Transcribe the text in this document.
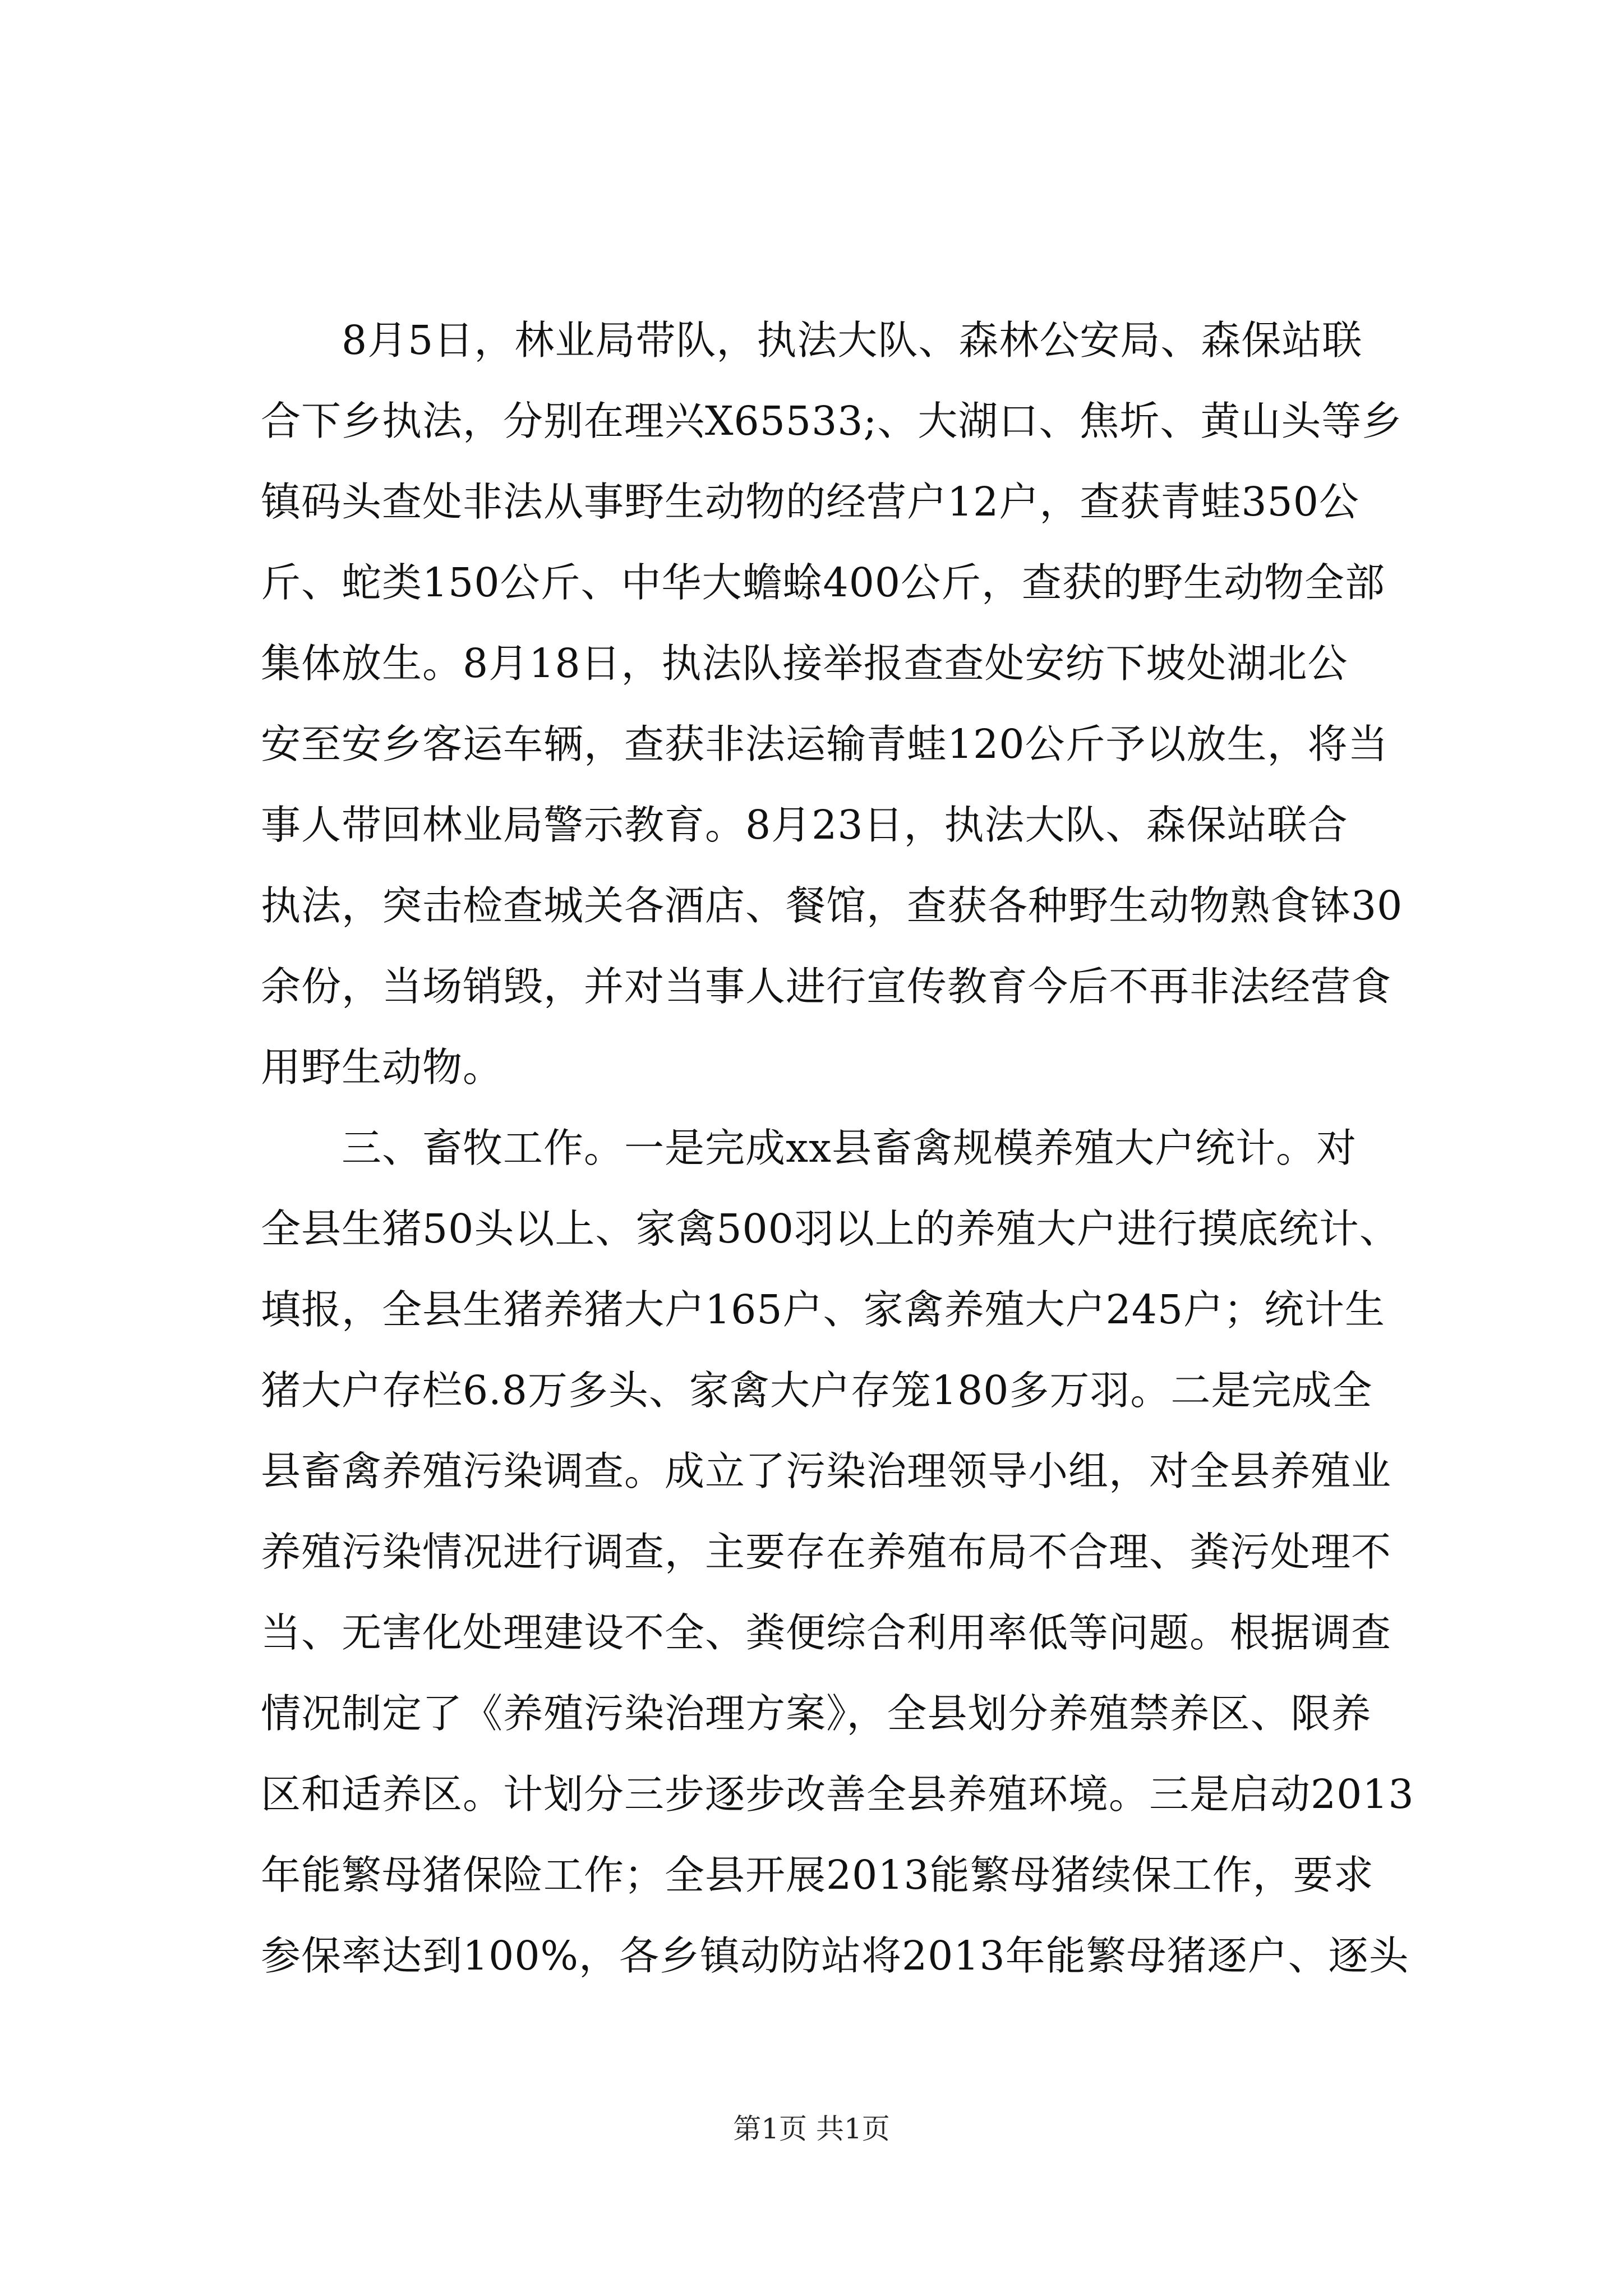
8月5日，林业局带队，执法大队、森林公安局、森保站联

合下乡执法，分别在理兴X65533;、大湖口、焦圻、黄山头等乡

镇码头查处非法从事野生动物的经营户12户，查获青蛙350公

斤、蛇类150公斤、中华大蟾蜍400公斤，查获的野生动物全部

集体放生。8月18日，执法队接举报查查处安纺下坡处湖北公

安至安乡客运车辆，查获非法运输青蛙120公斤予以放生，将当

事人带回林业局警示教育。8月23日，执法大队、森保站联合

执法，突击检查城关各酒店、餐馆，查获各种野生动物熟食钵30

余份，当场销毁，并对当事人进行宣传教育今后不再非法经营食

用野生动物。

三、畜牧工作。一是完成xx县畜禽规模养殖大户统计。对

全县生猪50头以上、家禽500羽以上的养殖大户进行摸底统计、

填报，全县生猪养猪大户165户、家禽养殖大户245户；统计生

猪大户存栏6.8万多头、家禽大户存笼180多万羽。二是完成全

县畜禽养殖污染调查。成立了污染治理领导小组，对全县养殖业

养殖污染情况进行调查，主要存在养殖布局不合理、粪污处理不

当、无害化处理建设不全、粪便综合利用率低等问题。根据调查

情况制定了《养殖污染治理方案》，全县划分养殖禁养区、限养

区和适养区。计划分三步逐步改善全县养殖环境。三是启动2013

年能繁母猪保险工作；全县开展2013能繁母猪续保工作，要求

参保率达到100%，各乡镇动防站将2013年能繁母猪逐户、逐头

第1页 共1页
